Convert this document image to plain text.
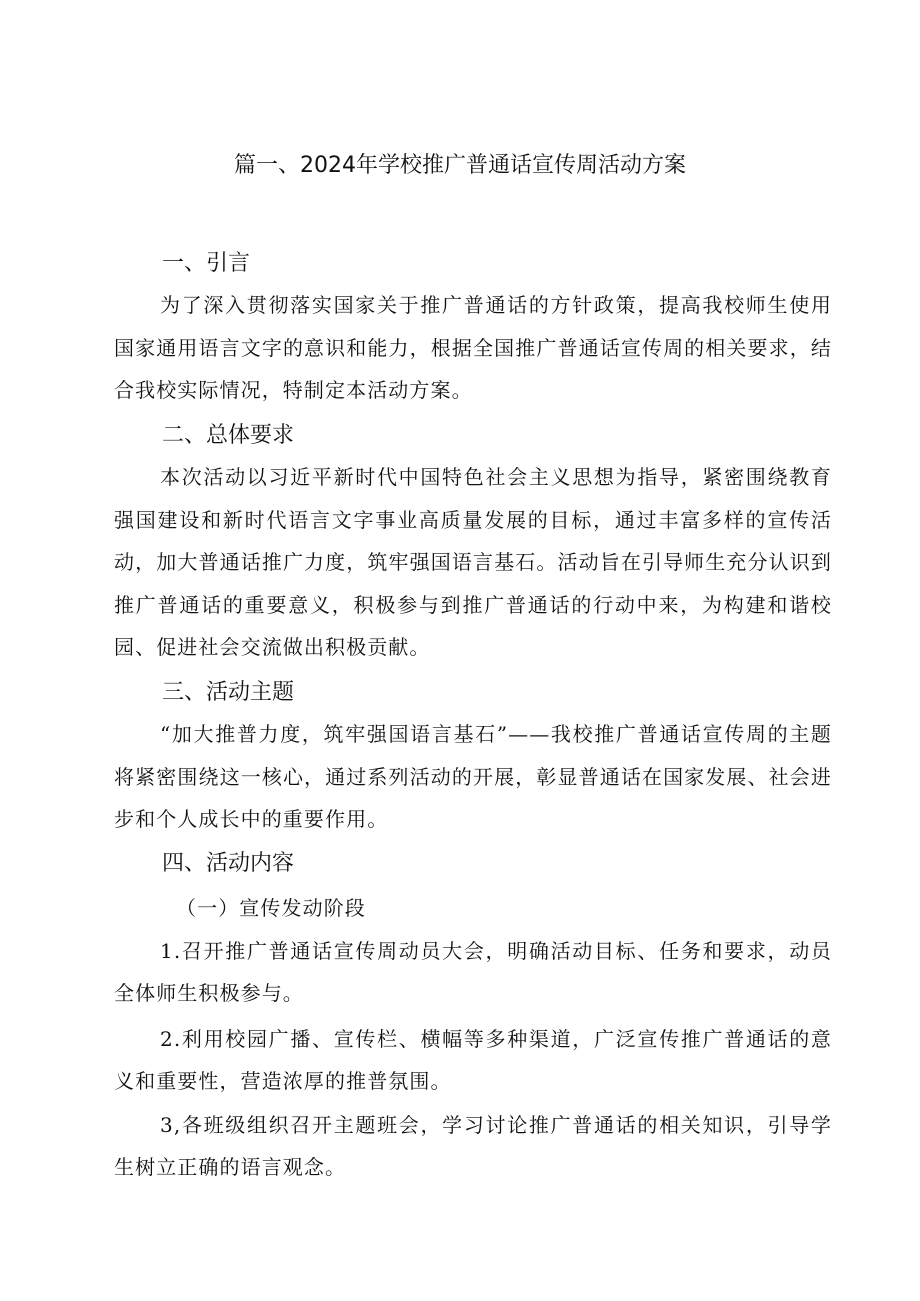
篇一、2024年学校推广普通话宣传周活动方案
一、引言
为了深入贯彻落实国家关于推广普通话的方针政策，提高我校师生使用国家通用语言文字的意识和能力，根据全国推广普通话宣传周的相关要求，结合我校实际情况，特制定本活动方案。
二、总体要求
本次活动以习近平新时代中国特色社会主义思想为指导，紧密围绕教育强国建设和新时代语言文字事业高质量发展的目标，通过丰富多样的宣传活动，加大普通话推广力度，筑牢强国语言基石。活动旨在引导师生充分认识到推广普通话的重要意义，积极参与到推广普通话的行动中来，为构建和谐校园、促进社会交流做出积极贡献。
三、活动主题
“加大推普力度，筑牢强国语言基石”——我校推广普通话宣传周的主题将紧密围绕这一核心，通过系列活动的开展，彰显普通话在国家发展、社会进步和个人成长中的重要作用。
四、活动内容
（一）宣传发动阶段
1.召开推广普通话宣传周动员大会，明确活动目标、任务和要求，动员全体师生积极参与。
2.利用校园广播、宣传栏、横幅等多种渠道，广泛宣传推广普通话的意义和重要性，营造浓厚的推普氛围。
3,各班级组织召开主题班会，学习讨论推广普通话的相关知识，引导学生树立正确的语言观念。
